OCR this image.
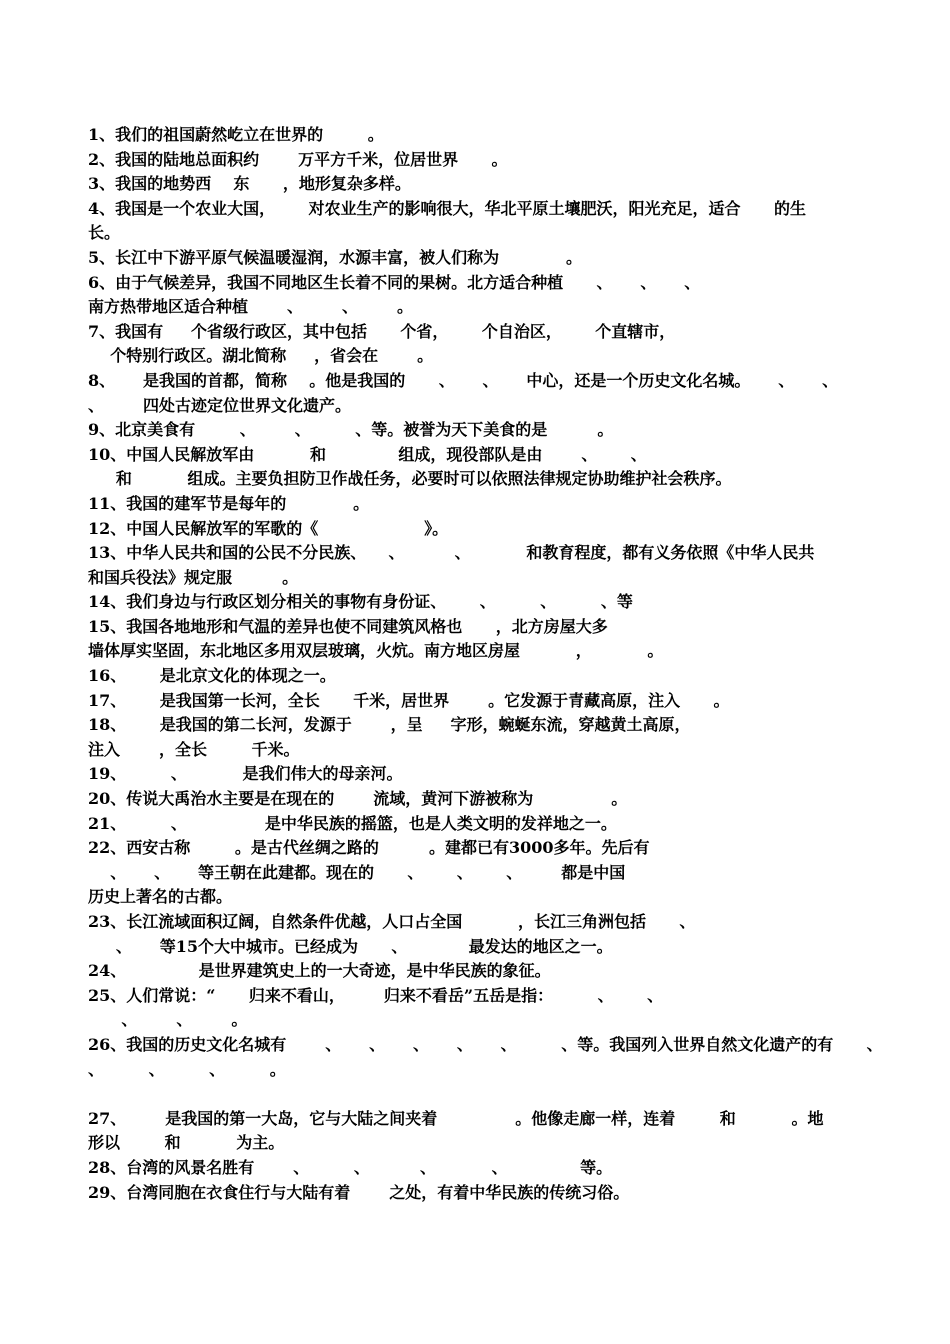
1、我们的祖国蔚然屹立在世界的        。
2、我国的陆地总面积约       万平方千米，位居世界      。
3、我国的地势西    东      ，地形复杂多样。
4、我国是一个农业大国，      对农业生产的影响很大，华北平原土壤肥沃，阳光充足，适合      的生
长。
5、长江中下游平原气候温暖湿润，水源丰富，被人们称为            。
6、由于气候差异，我国不同地区生长着不同的果树。北方适合种植      、     、     、
南方热带地区适合种植       、       、       。
7、我国有     个省级行政区，其中包括      个省，      个自治区，      个直辖市，
个特别行政区。湖北简称     ，省会在       。
8、     是我国的首都，简称    。他是我国的      、     、     中心，还是一个历史文化名城。     、     、
、       四处古迹定位世界文化遗产。
9、北京美食有        、       、        、等。被誉为天下美食的是         。
10、中国人民解放军由          和             组成，现役部队是由       、      、
和          组成。主要负担防卫作战任务，必要时可以依照法律规定协助维护社会秩序。
11、我国的建军节是每年的            。
12、中国人民解放军的军歌的《                   》。
13、中华人民共和国的公民不分民族、    、         、          和教育程度，都有义务依照《中华人民共
和国兵役法》规定服         。
14、我们身边与行政区划分相关的事物有身份证、      、        、        、等
15、我国各地地形和气温的差异也使不同建筑风格也      ，北方房屋大多
墙体厚实坚固，东北地区多用双层玻璃，火炕。南方地区房屋          ，          。
16、      是北京文化的体现之一。
17、      是我国第一长河，全长      千米，居世界       。它发源于青藏高原，注入      。
18、      是我国的第二长河，发源于       ，呈     字形，蜿蜒东流，穿越黄土高原，
注入       ，全长        千米。
19、        、          是我们伟大的母亲河。
20、传说大禹治水主要是在现在的       流域，黄河下游被称为              。
21、        、              是中华民族的摇篮，也是人类文明的发祥地之一。
22、西安古称        。是古代丝绸之路的         。建都已有3000多年。先后有
、     、     等王朝在此建都。现在的      、      、      、       都是中国
历史上著名的古都。
23、长江流域面积辽阔，自然条件优越，人口占全国          ，长江三角洲包括      、
、     等15个大中城市。已经成为      、           最发达的地区之一。
24、             是世界建筑史上的一大奇迹，是中华民族的象征。
25、人们常说：“      归来不看山，       归来不看岳”五岳是指：        、      、
、       、       。
26、我国的历史文化名城有       、     、     、     、     、        、等。我国列入世界自然文化遗产的有      、
、        、        、        。
27、       是我国的第一大岛，它与大陆之间夹着              。他像走廊一样，连着        和          。地
形以        和          为主。
28、台湾的风景名胜有       、        、         、          、             等。
29、台湾同胞在衣食住行与大陆有着       之处，有着中华民族的传统习俗。
